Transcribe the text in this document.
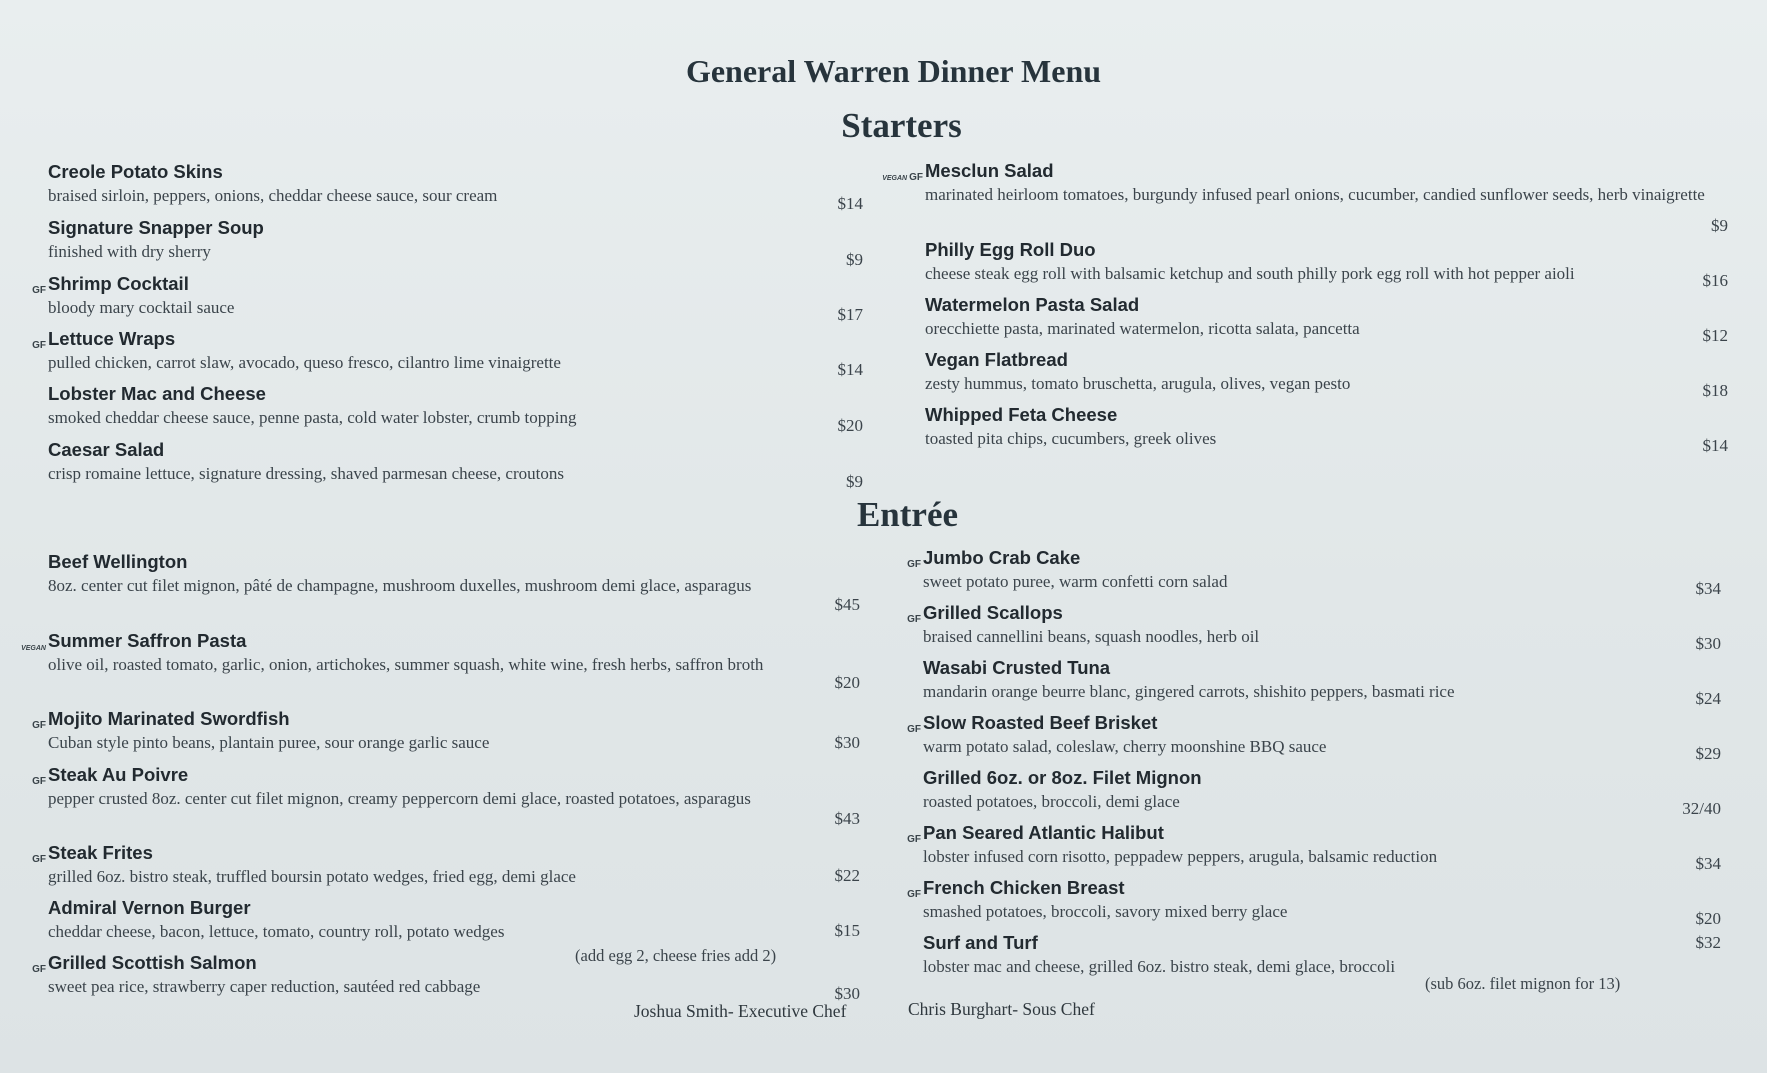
General Warren Dinner Menu
Starters
Entrée
Creole Potato Skins
braised sirloin, peppers, onions, cheddar cheese sauce, sour cream	$14
Signature Snapper Soup
finished with dry sherry	$9
GF Shrimp Cocktail
bloody mary cocktail sauce	$17
GF Lettuce Wraps
pulled chicken, carrot slaw, avocado, queso fresco, cilantro lime vinaigrette	$14
Lobster Mac and Cheese
smoked cheddar cheese sauce, penne pasta, cold water lobster, crumb topping	$20
Caesar Salad
crisp romaine lettuce, signature dressing, shaved parmesan cheese, croutons	$9
VEGAN GF Mesclun Salad
marinated heirloom tomatoes, burgundy infused pearl onions, cucumber, candied sunflower seeds, herb vinaigrette
$9
Philly Egg Roll Duo
cheese steak egg roll with balsamic ketchup and south philly pork egg roll with hot pepper aioli	$16
Watermelon Pasta Salad
orecchiette pasta, marinated watermelon, ricotta salata, pancetta	$12
Vegan Flatbread
zesty hummus, tomato bruschetta, arugula, olives, vegan pesto	$18
Whipped Feta Cheese
toasted pita chips, cucumbers, greek olives	$14
Beef Wellington
8oz. center cut filet mignon, pâté de champagne, mushroom duxelles, mushroom demi glace, asparagus
$45
VEGAN Summer Saffron Pasta
olive oil, roasted tomato, garlic, onion, artichokes, summer squash, white wine, fresh herbs, saffron broth
$20
GF Mojito Marinated Swordfish
Cuban style pinto beans, plantain puree, sour orange garlic sauce	$30
GF Steak Au Poivre
pepper crusted 8oz. center cut filet mignon, creamy peppercorn demi glace, roasted potatoes, asparagus
$43
GF Steak Frites
grilled 6oz. bistro steak, truffled boursin potato wedges, fried egg, demi glace	$22
Admiral Vernon Burger
cheddar cheese, bacon, lettuce, tomato, country roll, potato wedges	$15
GF Grilled Scottish Salmon
sweet pea rice, strawberry caper reduction, sautéed red cabbage	$30
(add egg 2, cheese fries add 2)
GF Jumbo Crab Cake
sweet potato puree, warm confetti corn salad	$34
GF Grilled Scallops
braised cannellini beans, squash noodles, herb oil	$30
Wasabi Crusted Tuna
mandarin orange beurre blanc, gingered carrots, shishito peppers, basmati rice	$24
GF Slow Roasted Beef Brisket
warm potato salad, coleslaw, cherry moonshine BBQ sauce	$29
Grilled 6oz. or 8oz. Filet Mignon
roasted potatoes, broccoli, demi glace	32/40
GF Pan Seared Atlantic Halibut
lobster infused corn risotto, peppadew peppers, arugula, balsamic reduction	$34
GF French Chicken Breast
smashed potatoes, broccoli, savory mixed berry glace	$20
Surf and Turf
lobster mac and cheese, grilled 6oz. bistro steak, demi glace, broccoli
$32
(sub 6oz. filet mignon for 13)
Joshua Smith- Executive Chef	Chris Burghart- Sous Chef
